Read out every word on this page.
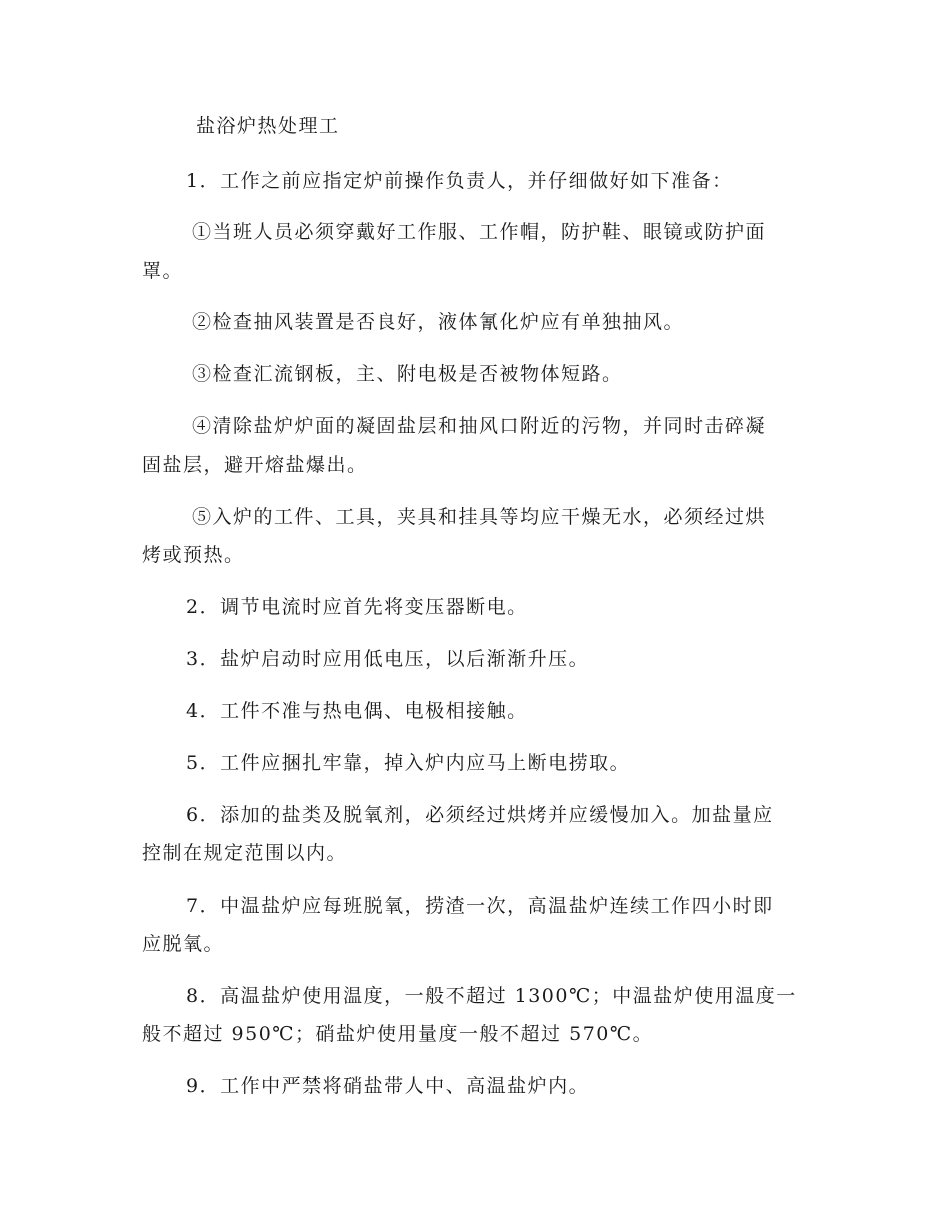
盐浴炉热处理工

1．工作之前应指定炉前操作负责人，并仔细做好如下准备：

①当班人员必须穿戴好工作服、工作帽，防护鞋、眼镜或防护面

罩。

②检查抽风装置是否良好，液体氰化炉应有单独抽风。

③检查汇流钢板，主、附电极是否被物体短路。

④清除盐炉炉面的凝固盐层和抽风口附近的污物，并同时击碎凝

固盐层，避开熔盐爆出。

⑤入炉的工件、工具，夹具和挂具等均应干燥无水，必须经过烘

烤或预热。

2．调节电流时应首先将变压器断电。

3．盐炉启动时应用低电压，以后渐渐升压。

4．工件不准与热电偶、电极相接触。

5．工件应捆扎牢靠，掉入炉内应马上断电捞取。

6．添加的盐类及脱氧剂，必须经过烘烤并应缓慢加入。加盐量应

控制在规定范围以内。

7．中温盐炉应每班脱氧，捞渣一次，高温盐炉连续工作四小时即

应脱氧。

8．高温盐炉使用温度，一般不超过 1300℃；中温盐炉使用温度一

般不超过 950℃；硝盐炉使用量度一般不超过 570℃。

9．工作中严禁将硝盐带人中、高温盐炉内。
